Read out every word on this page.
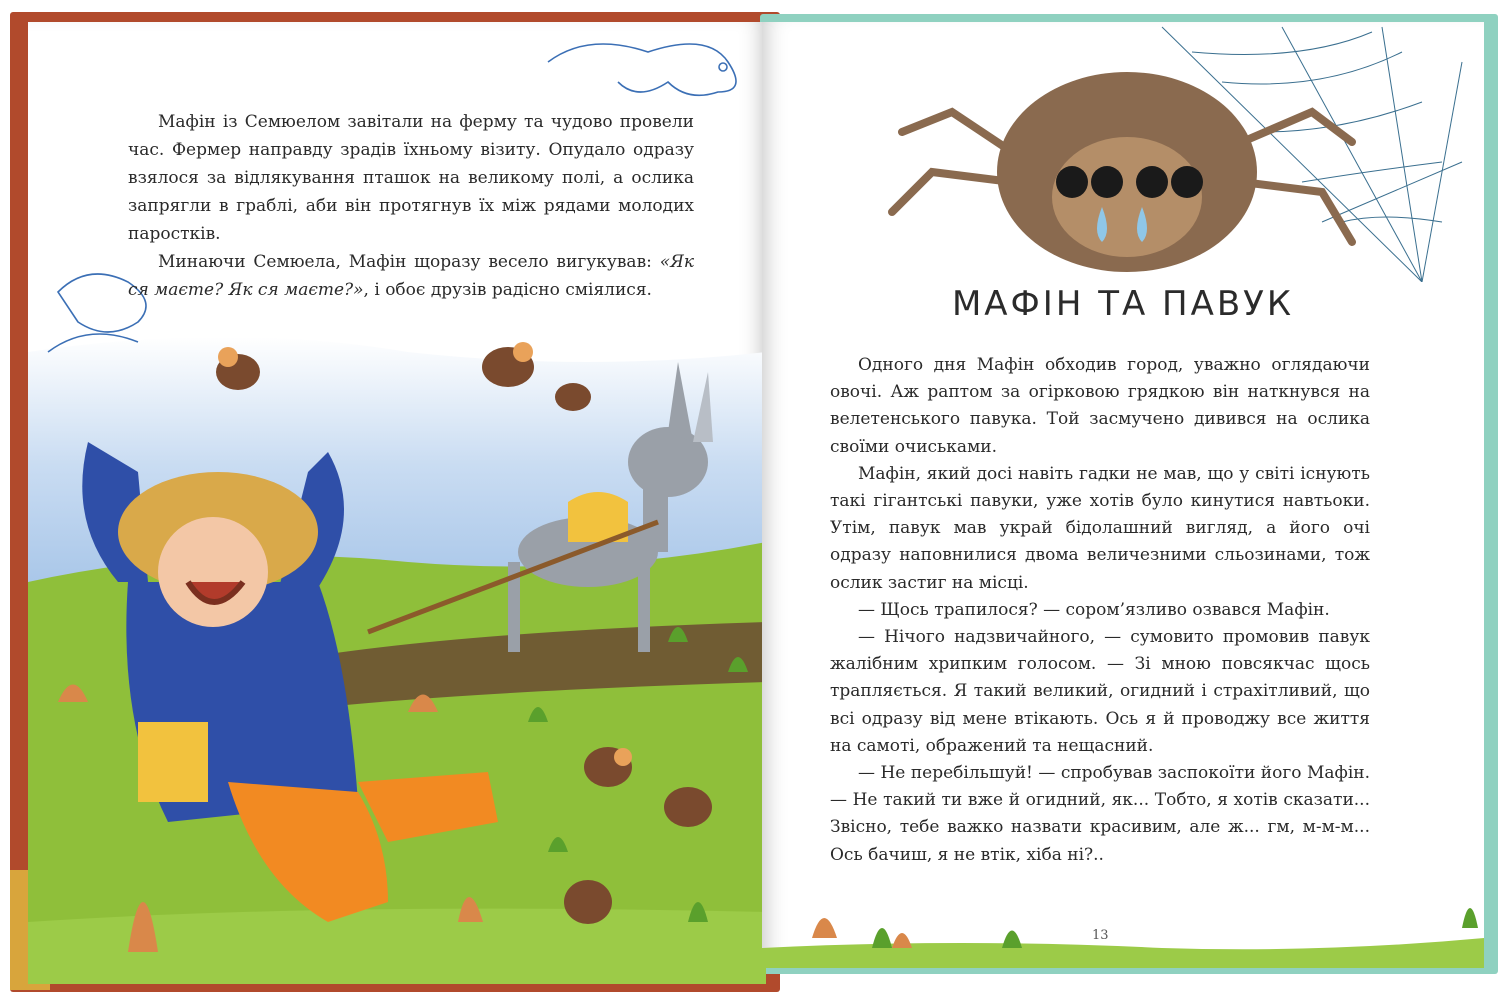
Мафін із Семюелом завітали на ферму та чудово провели час. Фермер направду зрадів їхньому візиту. Опудало одразу взялося за відлякування пташок на великому полі, а ослика запрягли в граблі, аби він протягнув їх між рядами молодих паростків.

Минаючи Семюела, Мафін щоразу весело вигукував: «Як ся маєте? Як ся маєте?», і обоє друзів радісно сміялися.	МАФІН ТА ПАВУК

Одного дня Мафін обходив город, уважно оглядаючи овочі. Аж раптом за огірковою грядкою він наткнувся на велетенського павука. Той засмучено дивився на ослика своїми очиськами.

Мафін, який досі навіть гадки не мав, що у світі існують такі гігантські павуки, уже хотів було кинутися навтьоки. Утім, павук мав украй бідолашний вигляд, а його очі одразу наповнилися двома величезними сльозинами, тож ослик застиг на місці.

— Щось трапилося? — сором’язливо озвався Мафін.

— Нічого надзвичайного, — сумовито промовив павук жалібним хрипким голосом. — Зі мною повсякчас щось трапляється. Я такий великий, огидний і страхітливий, що всі одразу від мене втікають. Ось я й проводжу все життя на самоті, ображений та нещасний.

— Не перебільшуй! — спробував заспокоїти його Мафін. — Не такий ти вже й огидний, як... Тобто, я хотів сказати... Звісно, тебе важко назвати красивим, але ж... гм, м-м-м... Ось бачиш, я не втік, хіба ні?..

13
